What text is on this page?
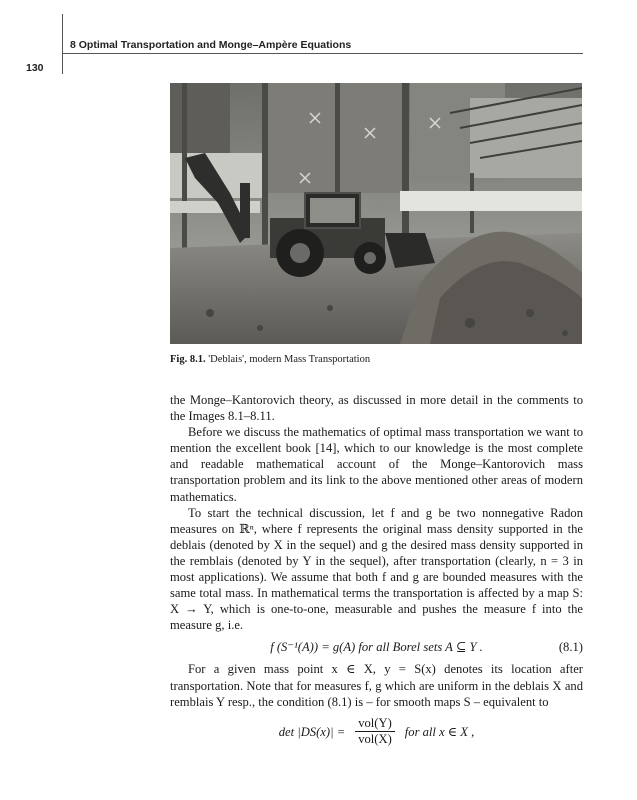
8 Optimal Transportation and Monge–Ampère Equations
130
Fig. 8.1. 'Deblais', modern Mass Transportation

the Monge–Kantorovich theory, as discussed in more detail in the comments to the Images 8.1–8.11.

Before we discuss the mathematics of optimal mass transportation we want to mention the excellent book [14], which to our knowledge is the most complete and readable mathematical account of the Monge–Kantorovich mass transportation problem and its link to the above mentioned other areas of modern mathematics.

To start the technical discussion, let f and g be two nonnegative Radon measures on ℝⁿ, where f represents the original mass density supported in the deblais (denoted by X in the sequel) and g the desired mass density supported in the remblais (denoted by Y in the sequel), after transportation (clearly, n = 3 in most applications). We assume that both f and g are bounded measures with the same total mass. In mathematical terms the transportation is affected by a map S: X → Y, which is one-to-one, measurable and pushes the measure f into the measure g, i.e.

f (S⁻¹(A)) = g(A) for all Borel sets A ⊆ Y .	(8.1)

For a given mass point x ∈ X, y = S(x) denotes its location after transportation. Note that for measures f, g which are uniform in the deblais X and remblais Y resp., the condition (8.1) is – for smooth maps S – equivalent to

$\det |DS(x)| = \frac{\text{vol(Y)}}{\text{vol(X)}}$ for all x ∈ X ,
